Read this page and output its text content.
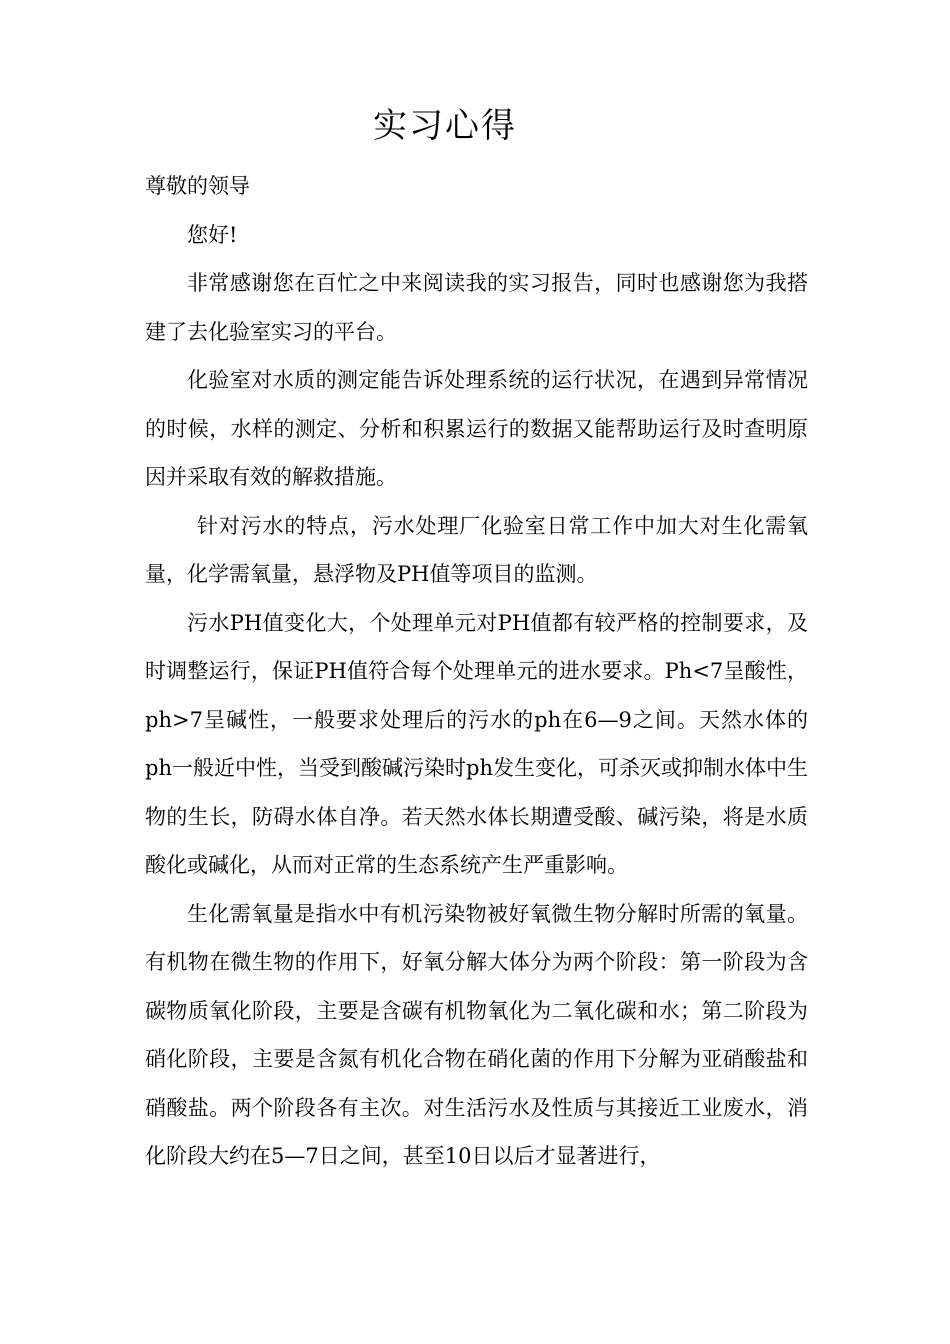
实习心得

尊敬的领导

您好!

非常感谢您在百忙之中来阅读我的实习报告，同时也感谢您为我搭建了去化验室实习的平台。

化验室对水质的测定能告诉处理系统的运行状况，在遇到异常情况的时候，水样的测定、分析和积累运行的数据又能帮助运行及时查明原因并采取有效的解救措施。

针对污水的特点，污水处理厂化验室日常工作中加大对生化需氧量，化学需氧量，悬浮物及PH值等项目的监测。

污水PH值变化大，个处理单元对PH值都有较严格的控制要求，及时调整运行，保证PH值符合每个处理单元的进水要求。Ph<7呈酸性，ph>7呈碱性，一般要求处理后的污水的ph在6—9之间。天然水体的ph一般近中性，当受到酸碱污染时ph发生变化，可杀灭或抑制水体中生物的生长，防碍水体自净。若天然水体长期遭受酸、碱污染，将是水质酸化或碱化，从而对正常的生态系统产生严重影响。

生化需氧量是指水中有机污染物被好氧微生物分解时所需的氧量。有机物在微生物的作用下，好氧分解大体分为两个阶段：第一阶段为含碳物质氧化阶段，主要是含碳有机物氧化为二氧化碳和水；第二阶段为硝化阶段，主要是含氮有机化合物在硝化菌的作用下分解为亚硝酸盐和硝酸盐。两个阶段各有主次。对生活污水及性质与其接近工业废水，消化阶段大约在5—7日之间，甚至10日以后才显著进行，
